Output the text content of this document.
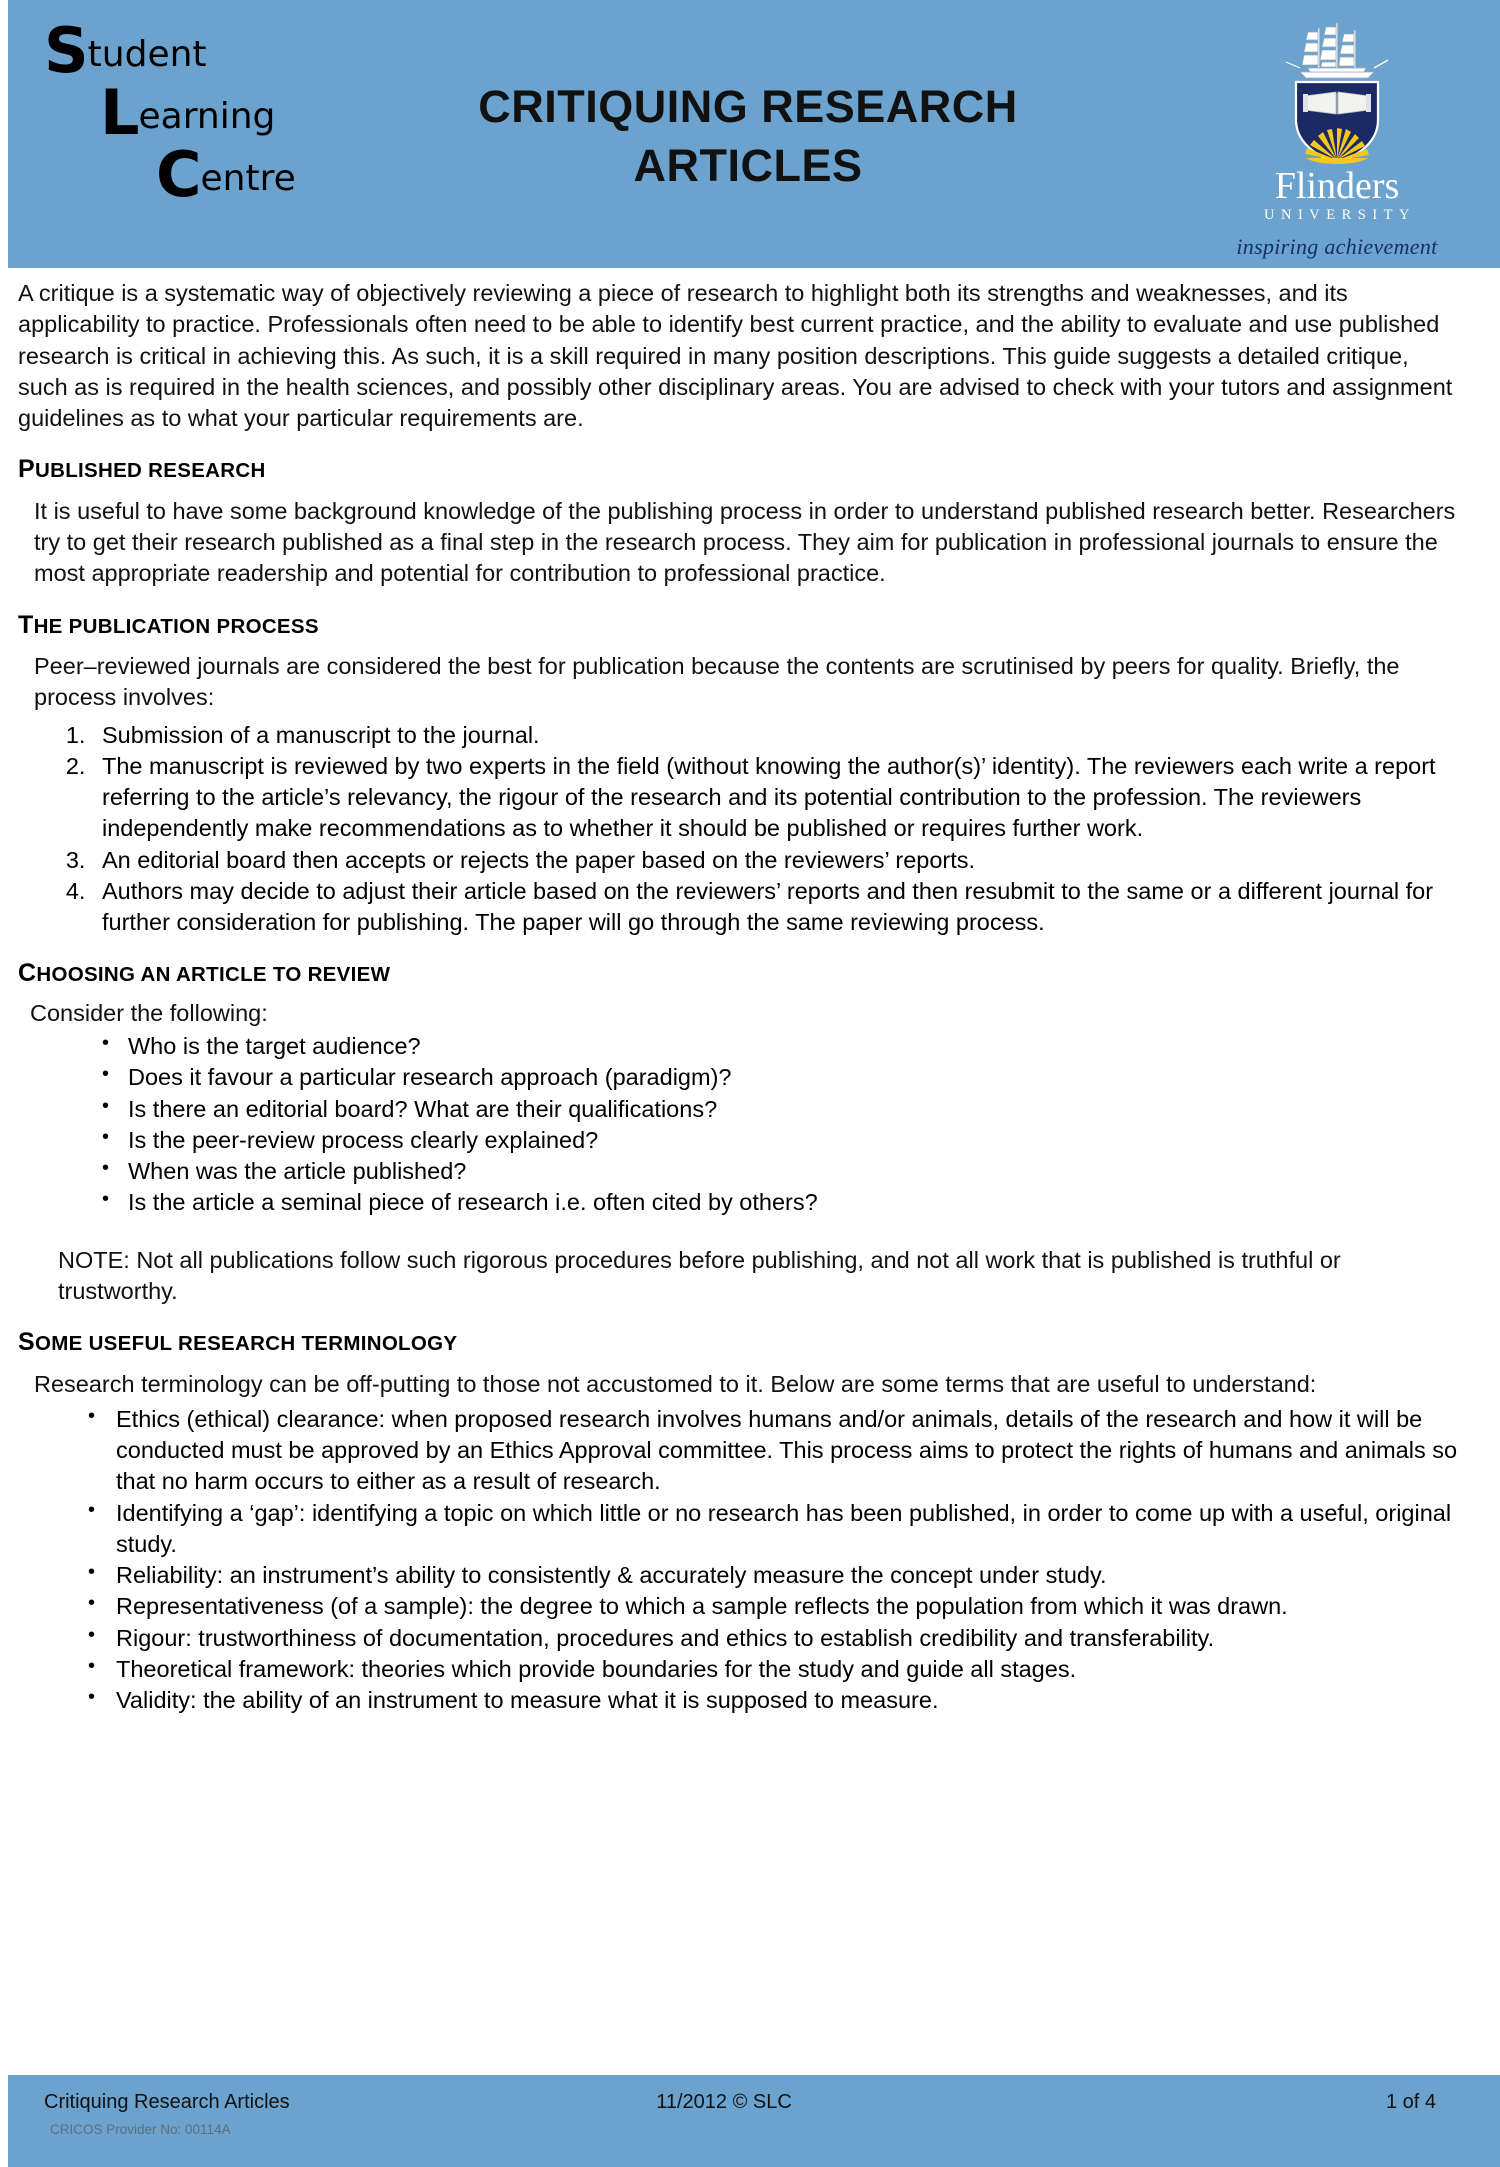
Student
Learning
Centre
CRITIQUING RESEARCH
ARTICLES	Flinders
UNIVERSITY
inspiring achievement

A critique is a systematic way of objectively reviewing a piece of research to highlight both its strengths and weaknesses, and its applicability to practice. Professionals often need to be able to identify best current practice, and the ability to evaluate and use published research is critical in achieving this. As such, it is a skill required in many position descriptions. This guide suggests a detailed critique, such as is required in the health sciences, and possibly other disciplinary areas. You are advised to check with your tutors and assignment guidelines as to what your particular requirements are.

PUBLISHED RESEARCH

It is useful to have some background knowledge of the publishing process in order to understand published research better. Researchers try to get their research published as a final step in the research process. They aim for publication in professional journals to ensure the most appropriate readership and potential for contribution to professional practice.

THE PUBLICATION PROCESS

Peer–reviewed journals are considered the best for publication because the contents are scrutinised by peers for quality. Briefly, the process involves:

1. Submission of a manuscript to the journal.
2. The manuscript is reviewed by two experts in the field (without knowing the author(s)’ identity). The reviewers each write a report referring to the article’s relevancy, the rigour of the research and its potential contribution to the profession. The reviewers independently make recommendations as to whether it should be published or requires further work.
3. An editorial board then accepts or rejects the paper based on the reviewers’ reports.
4. Authors may decide to adjust their article based on the reviewers’ reports and then resubmit to the same or a different journal for further consideration for publishing. The paper will go through the same reviewing process.
CHOOSING AN ARTICLE TO REVIEW

Consider the following:

• Who is the target audience?
• Does it favour a particular research approach (paradigm)?
• Is there an editorial board? What are their qualifications?
• Is the peer-review process clearly explained?
• When was the article published?
• Is the article a seminal piece of research i.e. often cited by others?

NOTE: Not all publications follow such rigorous procedures before publishing, and not all work that is published is truthful or trustworthy.

SOME USEFUL RESEARCH TERMINOLOGY

Research terminology can be off-putting to those not accustomed to it. Below are some terms that are useful to understand:

• Ethics (ethical) clearance: when proposed research involves humans and/or animals, details of the research and how it will be conducted must be approved by an Ethics Approval committee. This process aims to protect the rights of humans and animals so that no harm occurs to either as a result of research.
• Identifying a ‘gap’: identifying a topic on which little or no research has been published, in order to come up with a useful, original study.
• Reliability: an instrument’s ability to consistently & accurately measure the concept under study.
• Representativeness (of a sample): the degree to which a sample reflects the population from which it was drawn.
• Rigour: trustworthiness of documentation, procedures and ethics to establish credibility and transferability.
• Theoretical framework: theories which provide boundaries for the study and guide all stages.
• Validity: the ability of an instrument to measure what it is supposed to measure.
Critiquing Research Articles
CRICOS Provider No: 00114A
11/2012 © SLC	1 of 4
